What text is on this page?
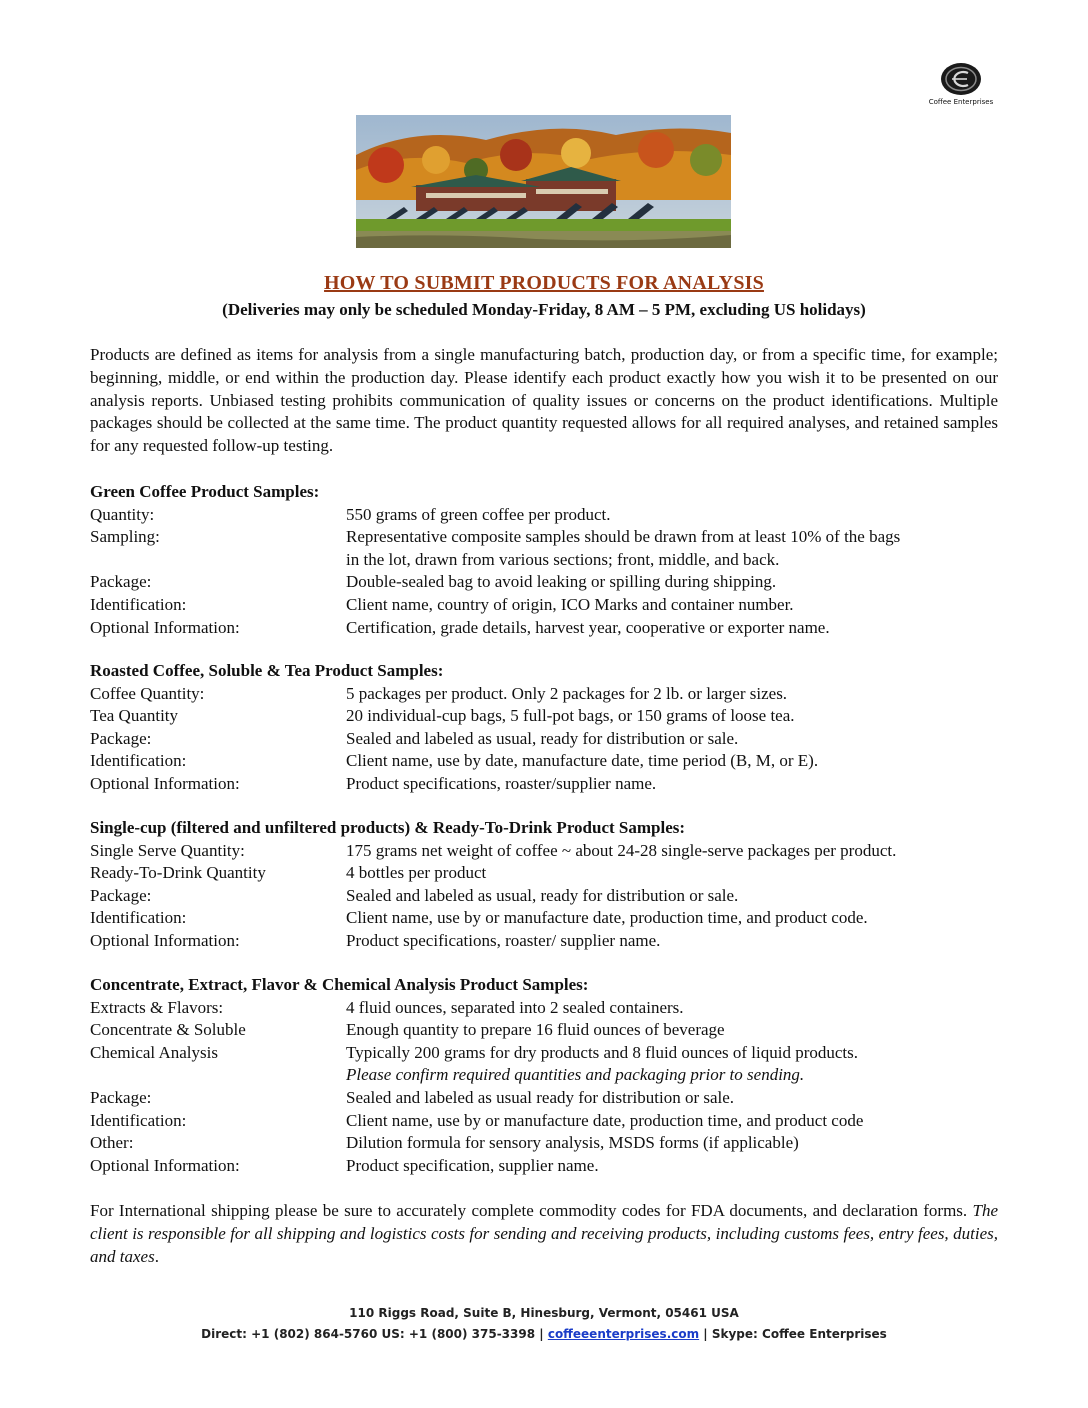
Coffee Enterprises
HOW TO SUBMIT PRODUCTS FOR ANALYSIS
(Deliveries may only be scheduled Monday-Friday, 8 AM – 5 PM, excluding US holidays)
Products are defined as items for analysis from a single manufacturing batch, production day, or from a specific time, for example; beginning, middle, or end within the production day. Please identify each product exactly how you wish it to be presented on our analysis reports. Unbiased testing prohibits communication of quality issues or concerns on the product identifications. Multiple packages should be collected at the same time. The product quantity requested allows for all required analyses, and retained samples for any requested follow-up testing.
Green Coffee Product Samples:
Quantity:	550 grams of green coffee per product.
Sampling:	Representative composite samples should be drawn from at least 10% of the bags
in the lot, drawn from various sections; front, middle, and back.
Package:	Double-sealed bag to avoid leaking or spilling during shipping.
Identification:	Client name, country of origin, ICO Marks and container number.
Optional Information:	Certification, grade details, harvest year, cooperative or exporter name.
Roasted Coffee, Soluble & Tea Product Samples:
Coffee Quantity:	5 packages per product. Only 2 packages for 2 lb. or larger sizes.
Tea Quantity	20 individual-cup bags, 5 full-pot bags, or 150 grams of loose tea.
Package:	Sealed and labeled as usual, ready for distribution or sale.
Identification:	Client name, use by date, manufacture date, time period (B, M, or E).
Optional Information:	Product specifications, roaster/supplier name.
Single-cup (filtered and unfiltered products) & Ready-To-Drink Product Samples:
Single Serve Quantity:	175 grams net weight of coffee ~ about 24-28 single-serve packages per product.
Ready-To-Drink Quantity	4 bottles per product
Package:	Sealed and labeled as usual, ready for distribution or sale.
Identification:	Client name, use by or manufacture date, production time, and product code.
Optional Information:	Product specifications, roaster/ supplier name.
Concentrate, Extract, Flavor & Chemical Analysis Product Samples:
Extracts & Flavors:	4 fluid ounces, separated into 2 sealed containers.
Concentrate & Soluble	Enough quantity to prepare 16 fluid ounces of beverage
Chemical Analysis	Typically 200 grams for dry products and 8 fluid ounces of liquid products.
Please confirm required quantities and packaging prior to sending.
Package:	Sealed and labeled as usual ready for distribution or sale.
Identification:	Client name, use by or manufacture date, production time, and product code
Other:	Dilution formula for sensory analysis, MSDS forms (if applicable)
Optional Information:	Product specification, supplier name.
For International shipping please be sure to accurately complete commodity codes for FDA documents, and declaration forms. The client is responsible for all shipping and logistics costs for sending and receiving products, including customs fees, entry fees, duties, and taxes.
110 Riggs Road, Suite B, Hinesburg, Vermont, 05461 USA
Direct: +1 (802) 864-5760 US: +1 (800) 375-3398 | coffeeenterprises.com | Skype: Coffee Enterprises
